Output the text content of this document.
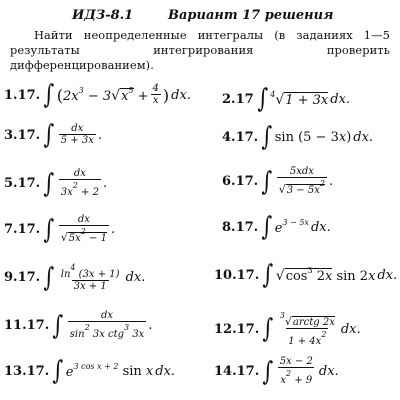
ИДЗ-8.1	Вариант 17 решения

Найти неопределенные интегралы (в заданиях 1—5 результаты интегрирования проверить дифференцированием).

1.17. ∫ ( $2x^3 - 3√x^5 + \frac{4}{x}$ ) dx. 2.17 ∫ $^4$√1 + 3x dx.
3.17. ∫ $\frac{dx}{5 + 3x}$ .	4.17. ∫ sin (5 − 3x) dx.
5.17. ∫ $\frac{dx}{3x^2 + 2}$ .	6.17. ∫ $\frac{\text{5xdx}}{√3 - 5x^2}$ .
7.17. ∫ $\frac{dx}{√5x^2 - 1}$ .	8.17. ∫ $e^{3 - 5x}$ dx.
9.17. ∫ $\frac{\ln^4 (3x + 1)}{3x + 1}$ dx.	10.17. ∫ $√\cos^3$ 2x sin 2x dx.
11.17. ∫ $\frac{dx}{\sin^2 3x ctg^3 3x}$ .	12.17. ∫ $\frac{^3√arctg 2x}{1 + 4x^2}$ dx.
13.17. ∫ $e^{3 cos x + 2}$ sin x dx.	14.17. ∫ $\frac{5x - 2}{x^2 + 9}$ dx.
